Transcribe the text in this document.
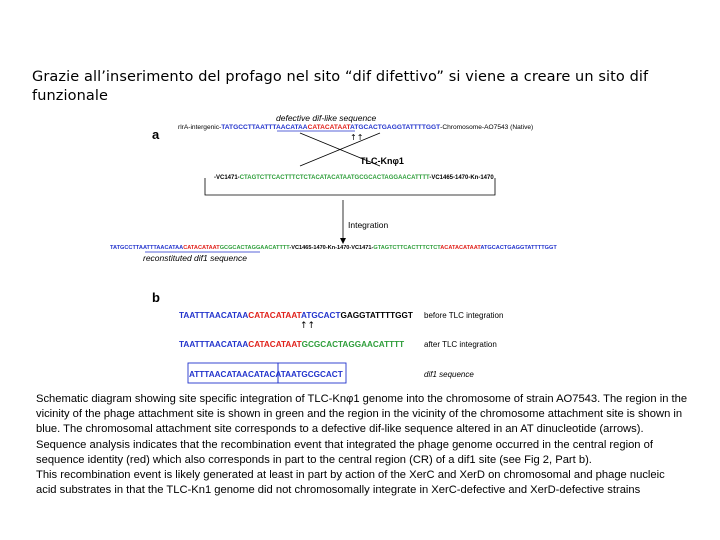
Grazie all’inserimento del profago nel sito “dif difettivo” si viene a creare un sito dif funzionale
a
defective dif-like sequence
rlrA-intergenic-TATGCCTTAATTTAACATAACATACATAATATGCACTGAGGTATTTTGGT-Chromosome-AO7543 (Native)
↑↑
TLC-Knφ1
-VC1471-CTAGTCTTCACTTTCTCTACATACATAATGCGCACTAGGAACATTTT-VC1465-1470-Kn-1470
Integration
TATGCCTTAATTTAACATAACATACATAATGCGCACTAGGAACATTTT-VC1465-1470-Kn-1470-VC1471-GTAGTCTTCACTTTCTCTACATACATAATATGCACTGAGGTATTTTGGT
reconstituted dif1 sequence
b
TAATTTAACATAACATACATAATATGCACTGAGGTATTTTGGT before TLC integration
↑↑
TAATTTAACATAACATACATAATGCGCACTAGGAACATTTT after TLC integration
ATTTAACATAACATACATAATGCGCACT	dif1 sequence

Schematic diagram showing site specific integration of TLC-Knφ1 genome into the chromosome of strain AO7543. The region in the vicinity of the phage attachment site is shown in green and the region in the vicinity of the chromosome attachment site is shown in blue. The chromosomal attachment site corresponds to a defective dif-like sequence altered in an AT dinucleotide (arrows). Sequence analysis indicates that the recombination event that integrated the phage genome occurred in the central region of sequence identity (red) which also corresponds in part to the central region (CR) of a dif1 site (see Fig 2, Part b).

This recombination event is likely generated at least in part by action of the XerC and XerD on chromosomal and phage nucleic acid substrates in that the TLC-Kn1 genome did not chromosomally integrate in XerC-defective and XerD-defective strains
